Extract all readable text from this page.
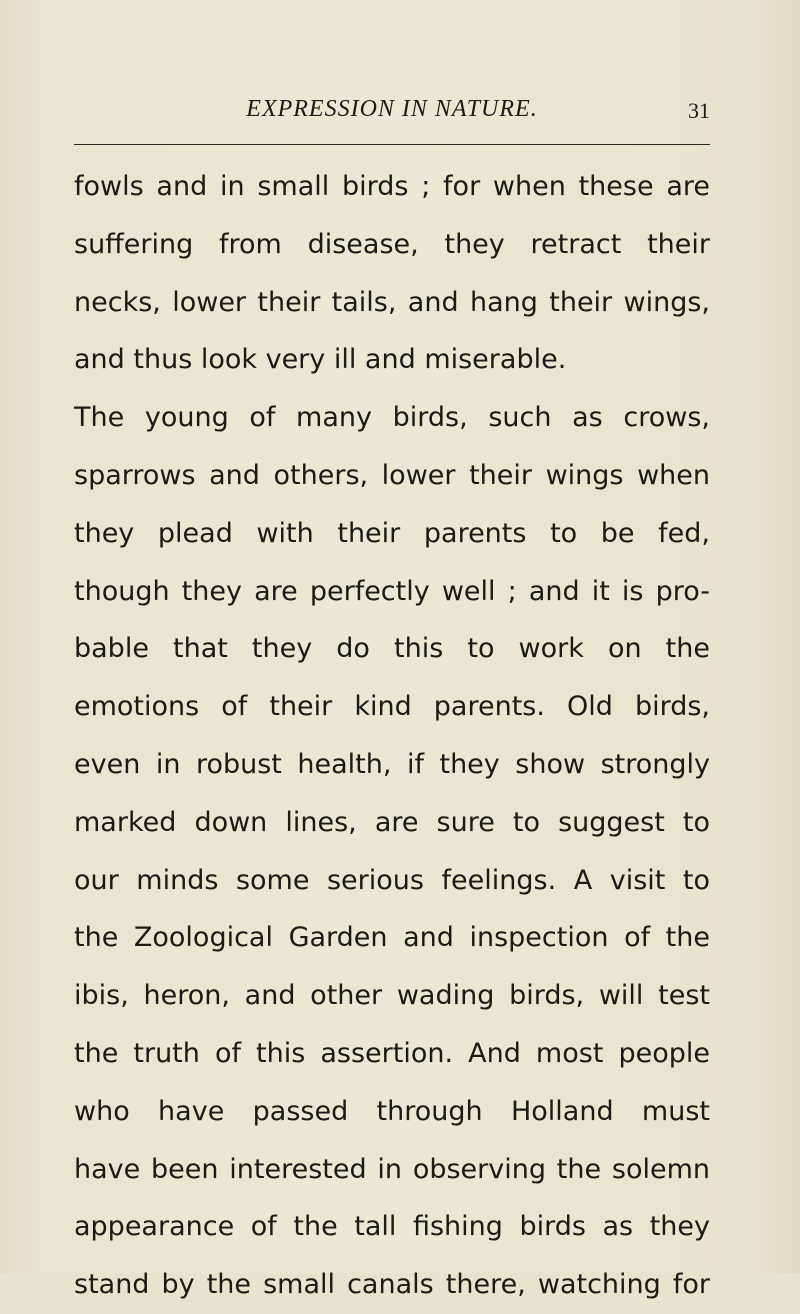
EXPRESSION IN NATURE.	31
fowls and in small birds ; for when these are
suffering from disease, they retract their
necks, lower their tails, and hang their wings,
and thus look very ill and miserable.
The young of many birds, such as crows,
sparrows and others, lower their wings when
they plead with their parents to be fed,
though they are perfectly well ; and it is pro-
bable that they do this to work on the
emotions of their kind parents. Old birds,
even in robust health, if they show strongly
marked down lines, are sure to suggest to
our minds some serious feelings. A visit to
the Zoological Garden and inspection of the
ibis, heron, and other wading birds, will test
the truth of this assertion. And most people
who have passed through Holland must
have been interested in observing the solemn
appearance of the tall fishing birds as they
stand by the small canals there, watching for
